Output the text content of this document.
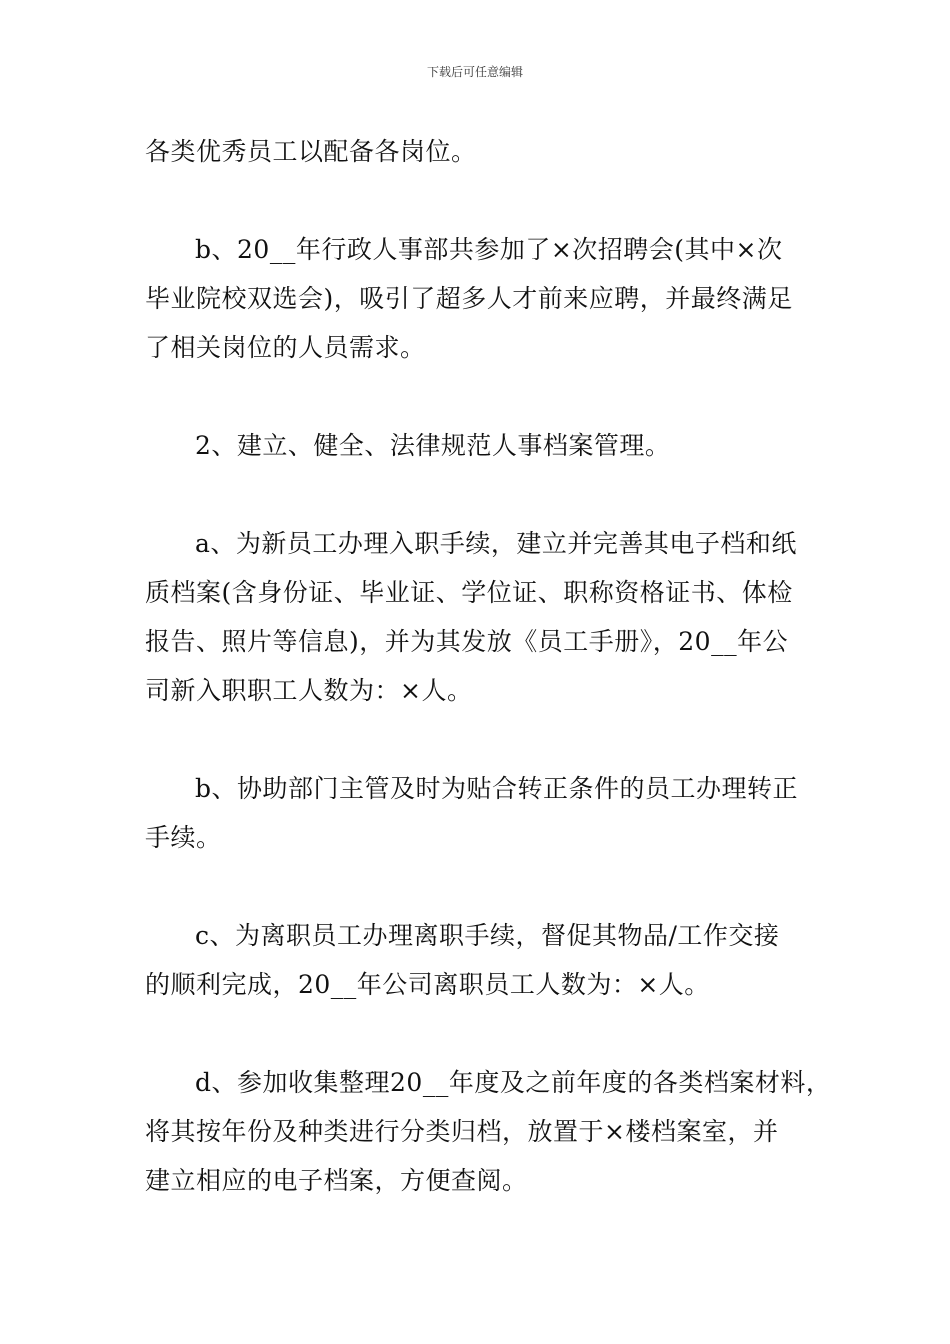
下载后可任意编辑

各类优秀员工以配备各岗位。

b、20__年行政人事部共参加了×次招聘会(其中×次

毕业院校双选会)，吸引了超多人才前来应聘，并最终满足

了相关岗位的人员需求。

2、建立、健全、法律规范人事档案管理。

a、为新员工办理入职手续，建立并完善其电子档和纸

质档案(含身份证、毕业证、学位证、职称资格证书、体检

报告、照片等信息)，并为其发放《员工手册》，20__年公

司新入职职工人数为：×人。

b、协助部门主管及时为贴合转正条件的员工办理转正

手续。

c、为离职员工办理离职手续，督促其物品/工作交接

的顺利完成，20__年公司离职员工人数为：×人。

d、参加收集整理20__年度及之前年度的各类档案材料，

将其按年份及种类进行分类归档，放置于×楼档案室，并

建立相应的电子档案，方便查阅。
